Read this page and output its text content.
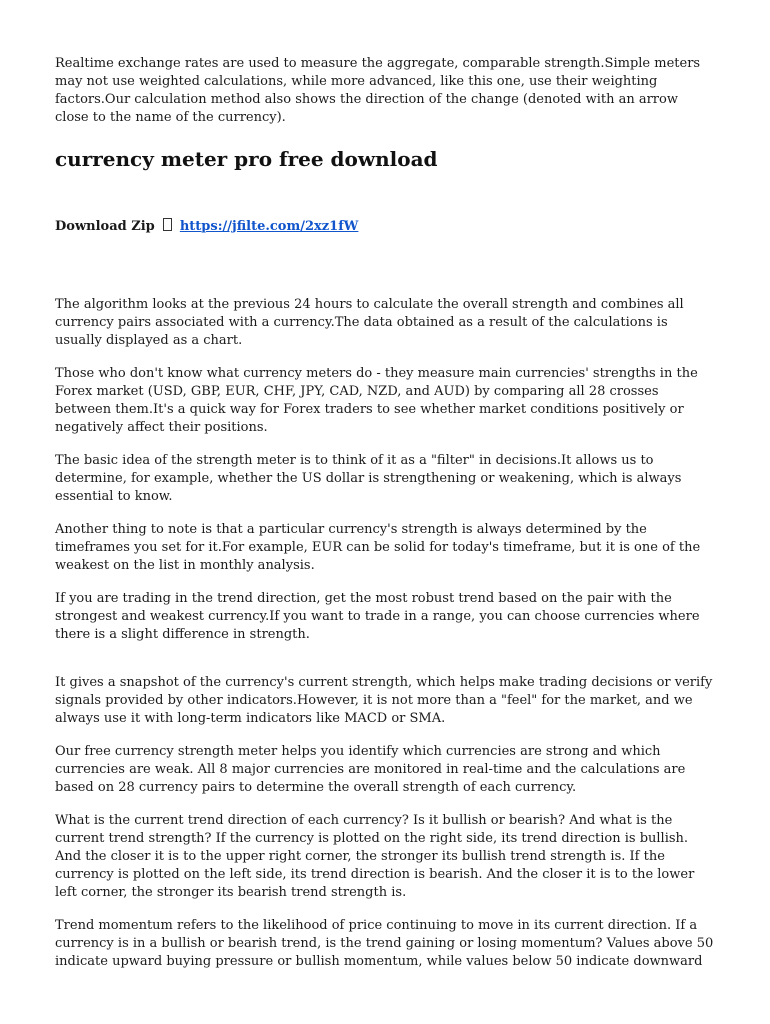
Realtime exchange rates are used to measure the aggregate, comparable strength.Simple meters may not use weighted calculations, while more advanced, like this one, use their weighting factors.Our calculation method also shows the direction of the change (denoted with an arrow close to the name of the currency).

currency meter pro free download
Download Zip https://jfilte.com/2xz1fW

The algorithm looks at the previous 24 hours to calculate the overall strength and combines all currency pairs associated with a currency.The data obtained as a result of the calculations is usually displayed as a chart.

Those who don't know what currency meters do - they measure main currencies' strengths in the Forex market (USD, GBP, EUR, CHF, JPY, CAD, NZD, and AUD) by comparing all 28 crosses between them.It's a quick way for Forex traders to see whether market conditions positively or negatively affect their positions.

The basic idea of the strength meter is to think of it as a "filter" in decisions.It allows us to determine, for example, whether the US dollar is strengthening or weakening, which is always essential to know.

Another thing to note is that a particular currency's strength is always determined by the timeframes you set for it.For example, EUR can be solid for today's timeframe, but it is one of the weakest on the list in monthly analysis.

If you are trading in the trend direction, get the most robust trend based on the pair with the strongest and weakest currency.If you want to trade in a range, you can choose currencies where there is a slight difference in strength.

It gives a snapshot of the currency's current strength, which helps make trading decisions or verify signals provided by other indicators.However, it is not more than a "feel" for the market, and we always use it with long-term indicators like MACD or SMA.

Our free currency strength meter helps you identify which currencies are strong and which currencies are weak. All 8 major currencies are monitored in real-time and the calculations are based on 28 currency pairs to determine the overall strength of each currency.

What is the current trend direction of each currency? Is it bullish or bearish? And what is the current trend strength? If the currency is plotted on the right side, its trend direction is bullish. And the closer it is to the upper right corner, the stronger its bullish trend strength is. If the currency is plotted on the left side, its trend direction is bearish. And the closer it is to the lower left corner, the stronger its bearish trend strength is.

Trend momentum refers to the likelihood of price continuing to move in its current direction. If a currency is in a bullish or bearish trend, is the trend gaining or losing momentum? Values above 50 indicate upward buying pressure or bullish momentum, while values below 50 indicate downward
